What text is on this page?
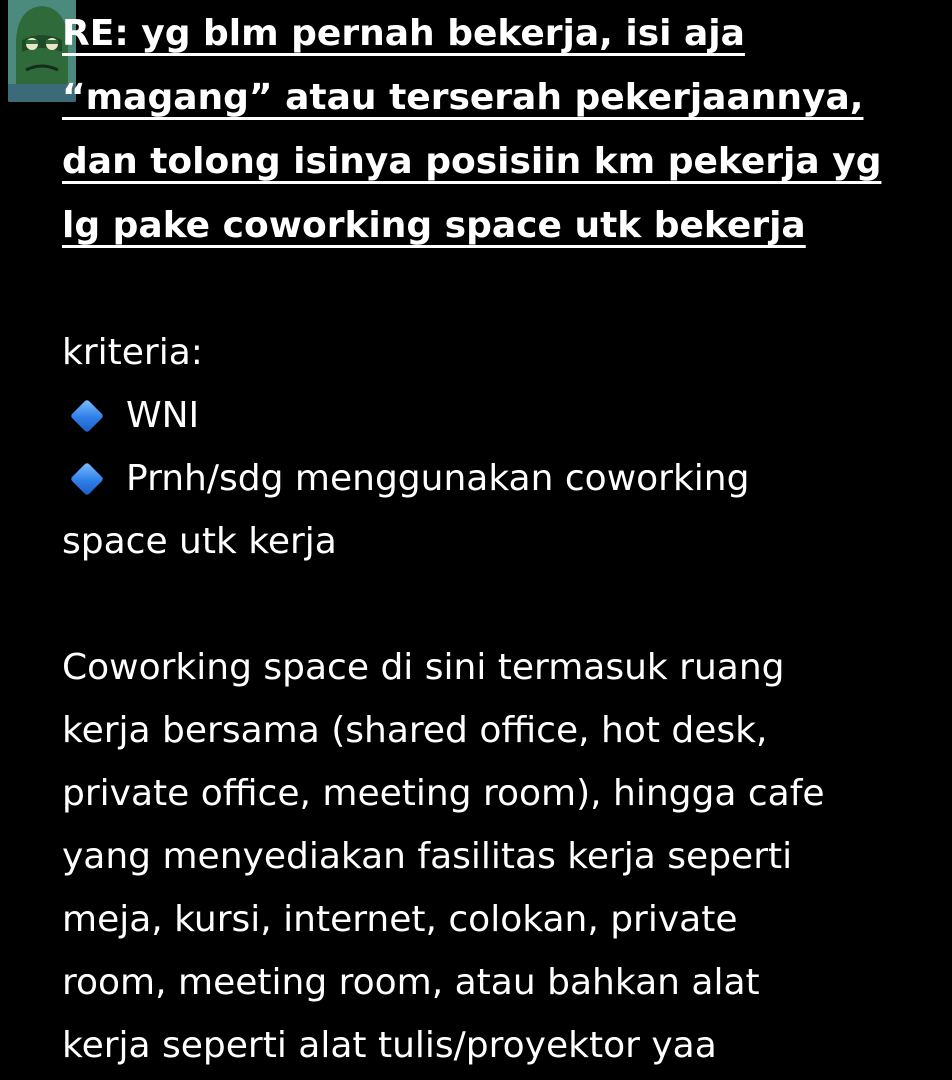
RE: yg blm pernah bekerja, isi aja
“magang” atau terserah pekerjaannya,
dan tolong isinya posisiin km pekerja yg
lg pake coworking space utk bekerja
kriteria:
WNI
Prnh/sdg menggunakan coworking
space utk kerja
Coworking space di sini termasuk ruang
kerja bersama (shared office, hot desk,
private office, meeting room), hingga cafe
yang menyediakan fasilitas kerja seperti
meja, kursi, internet, colokan, private
room, meeting room, atau bahkan alat
kerja seperti alat tulis/proyektor yaa
